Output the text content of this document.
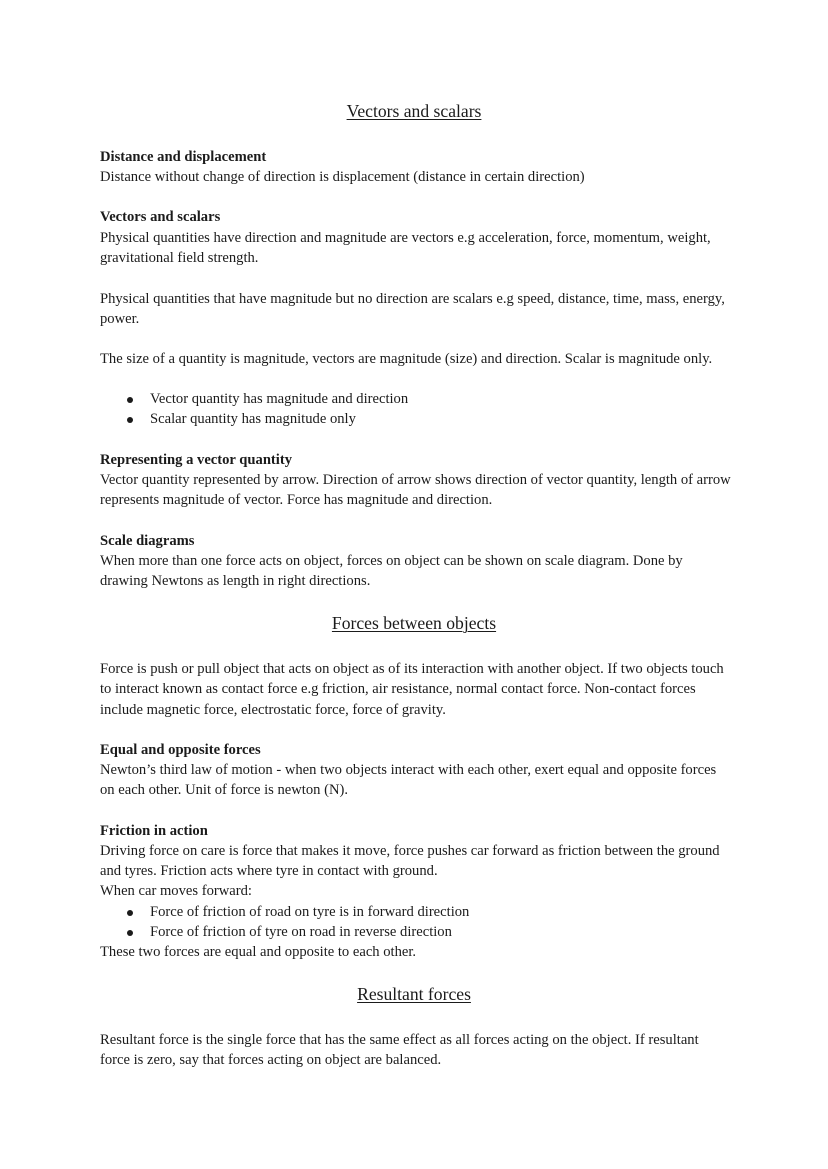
Vectors and scalars

Distance and displacement

Distance without change of direction is displacement (distance in certain direction)

Vectors and scalars

Physical quantities have direction and magnitude are vectors e.g acceleration, force, momentum, weight, gravitational field strength.

Physical quantities that have magnitude but no direction are scalars e.g speed, distance, time, mass, energy, power.

The size of a quantity is magnitude, vectors are magnitude (size) and direction. Scalar is magnitude only.

Vector quantity has magnitude and direction
Scalar quantity has magnitude only

Representing a vector quantity

Vector quantity represented by arrow. Direction of arrow shows direction of vector quantity, length of arrow represents magnitude of vector. Force has magnitude and direction.

Scale diagrams

When more than one force acts on object, forces on object can be shown on scale diagram. Done by drawing Newtons as length in right directions.

Forces between objects

Force is push or pull object that acts on object as of its interaction with another object. If two objects touch to interact known as contact force e.g friction, air resistance, normal contact force. Non-contact forces include magnetic force, electrostatic force, force of gravity.

Equal and opposite forces

Newton’s third law of motion - when two objects interact with each other, exert equal and opposite forces on each other. Unit of force is newton (N).

Friction in action

Driving force on care is force that makes it move, force pushes car forward as friction between the ground and tyres. Friction acts where tyre in contact with ground.

When car moves forward:

Force of friction of road on tyre is in forward direction
Force of friction of tyre on road in reverse direction

These two forces are equal and opposite to each other.

Resultant forces

Resultant force is the single force that has the same effect as all forces acting on the object. If resultant force is zero, say that forces acting on object are balanced.
